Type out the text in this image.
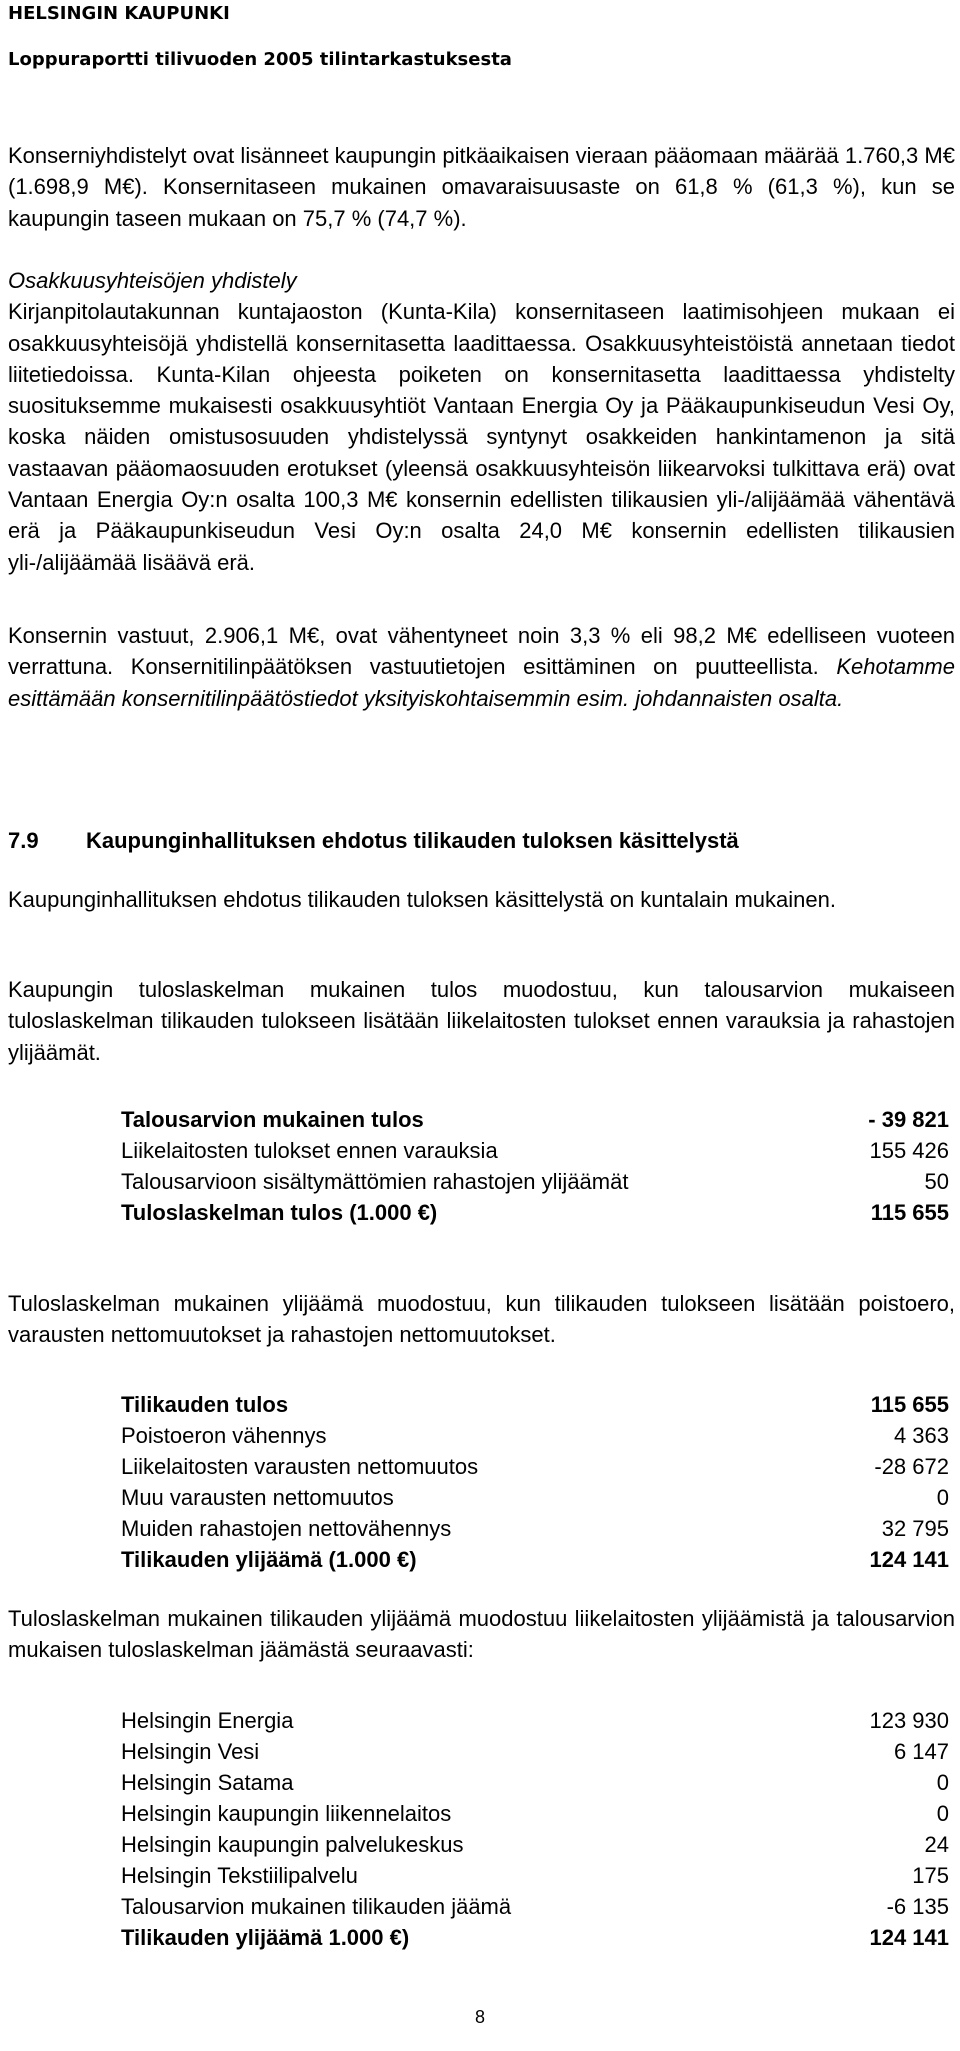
HELSINGIN KAUPUNKI
Loppuraportti tilivuoden 2005 tilintarkastuksesta

Konserniyhdistelyt ovat lisänneet kaupungin pitkäaikaisen vieraan pääomaan määrää 1.760,3 M€ (1.698,9 M€). Konsernitaseen mukainen omavaraisuusaste on 61,8 % (61,3 %), kun se kaupungin taseen mukaan on 75,7 % (74,7 %).

Osakkuusyhteisöjen yhdistely

Kirjanpitolautakunnan kuntajaoston (Kunta-Kila) konsernitaseen laatimisohjeen mukaan ei osakkuusyhteisöjä yhdistellä konsernitasetta laadittaessa. Osakkuusyhteistöistä annetaan tiedot liitetiedoissa. Kunta-Kilan ohjeesta poiketen on konsernitasetta laadittaessa yhdistelty suosituksemme mukaisesti osakkuusyhtiöt Vantaan Energia Oy ja Pääkaupunkiseudun Vesi Oy, koska näiden omistusosuuden yhdistelyssä syntynyt osakkeiden hankintamenon ja sitä vastaavan pääomaosuuden erotukset (yleensä osakkuusyhteisön liikearvoksi tulkittava erä) ovat Vantaan Energia Oy:n osalta 100,3 M€ konsernin edellisten tilikausien yli-/alijäämää vähentävä erä ja Pääkaupunkiseudun Vesi Oy:n osalta 24,0 M€ konsernin edellisten tilikausien yli-/alijäämää lisäävä erä.

Konsernin vastuut, 2.906,1 M€, ovat vähentyneet noin 3,3 % eli 98,2 M€ edelliseen vuoteen verrattuna. Konsernitilinpäätöksen vastuutietojen esittäminen on puutteellista. Kehotamme esittämään konsernitilinpäätöstiedot yksityiskohtaisemmin esim. johdannaisten osalta.

7.9 Kaupunginhallituksen ehdotus tilikauden tuloksen käsittelystä

Kaupunginhallituksen ehdotus tilikauden tuloksen käsittelystä on kuntalain mukainen.

Kaupungin tuloslaskelman mukainen tulos muodostuu, kun talousarvion mukaiseen tuloslaskelman tilikauden tulokseen lisätään liikelaitosten tulokset ennen varauksia ja rahastojen ylijäämät.

Talousarvion mukainen tulos	- 39 821
Liikelaitosten tulokset ennen varauksia	155 426
Talousarvioon sisältymättömien rahastojen ylijäämät	50
Tuloslaskelman tulos (1.000 €)	115 655

Tuloslaskelman mukainen ylijäämä muodostuu, kun tilikauden tulokseen lisätään poistoero, varausten nettomuutokset ja rahastojen nettomuutokset.

Tilikauden tulos	115 655
Poistoeron vähennys	4 363
Liikelaitosten varausten nettomuutos	-28 672
Muu varausten nettomuutos	0
Muiden rahastojen nettovähennys	32 795
Tilikauden ylijäämä (1.000 €)	124 141

Tuloslaskelman mukainen tilikauden ylijäämä muodostuu liikelaitosten ylijäämistä ja talousarvion mukaisen tuloslaskelman jäämästä seuraavasti:

Helsingin Energia	123 930
Helsingin Vesi	6 147
Helsingin Satama	0
Helsingin kaupungin liikennelaitos	0
Helsingin kaupungin palvelukeskus	24
Helsingin Tekstiilipalvelu	175
Talousarvion mukainen tilikauden jäämä	-6 135
Tilikauden ylijäämä 1.000 €)	124 141
8
